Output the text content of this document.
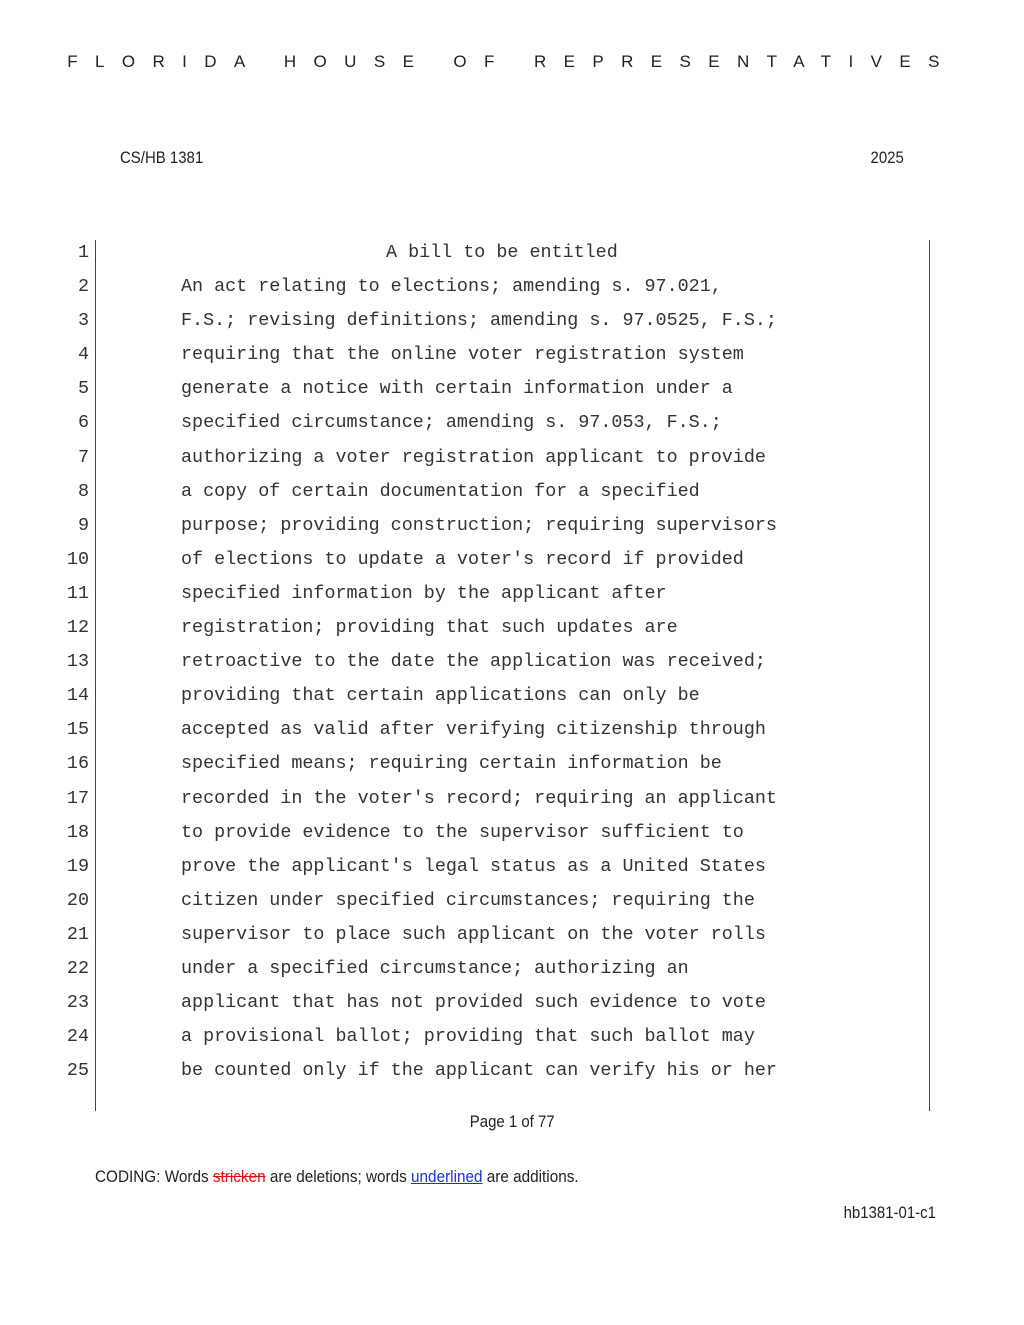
FLORIDA HOUSE OF REPRESENTATIVES
CS/HB 1381	2025
1	A bill to be entitled
2	An act relating to elections; amending s. 97.021,
3	F.S.; revising definitions; amending s. 97.0525, F.S.;
4	requiring that the online voter registration system
5	generate a notice with certain information under a
6	specified circumstance; amending s. 97.053, F.S.;
7	authorizing a voter registration applicant to provide
8	a copy of certain documentation for a specified
9	purpose; providing construction; requiring supervisors
10	of elections to update a voter's record if provided
11	specified information by the applicant after
12	registration; providing that such updates are
13	retroactive to the date the application was received;
14	providing that certain applications can only be
15	accepted as valid after verifying citizenship through
16	specified means; requiring certain information be
17	recorded in the voter's record; requiring an applicant
18	to provide evidence to the supervisor sufficient to
19	prove the applicant's legal status as a United States
20	citizen under specified circumstances; requiring the
21	supervisor to place such applicant on the voter rolls
22	under a specified circumstance; authorizing an
23	applicant that has not provided such evidence to vote
24	a provisional ballot; providing that such ballot may
25	be counted only if the applicant can verify his or her
Page 1 of 77
CODING: Words stricken are deletions; words underlined are additions.
hb1381-01-c1
